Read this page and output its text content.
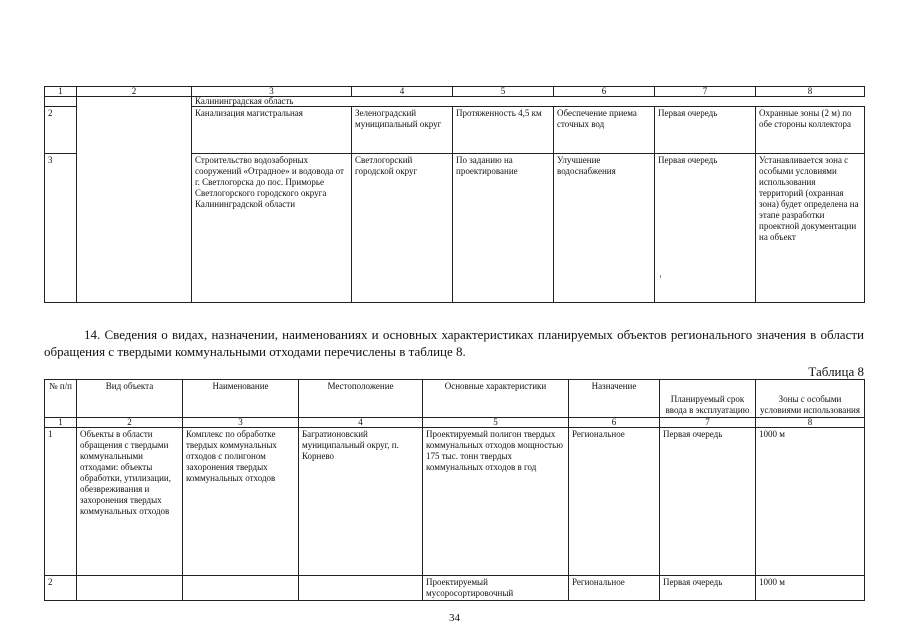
1	2	3	4	5	6	7	8
		Калининградская область					
2		Канализация магистральная	Зеленоградский муниципальный округ	Протяженность 4,5 км	Обеспечение приема сточных вод	Первая очередь	Охранные зоны (2 м) по обе стороны коллектора
3		Строительство водозаборных сооружений «Отрадное» и водовода от г. Светлогорска до пос. Приморье Светлогорского городского округа Калининградской области	Светлогорский городской округ	По заданию на проектирование	Улучшение водоснабжения	Первая очередь	Устанавливается зона с особыми условиями использования территорий (охранная зона) будет определена на этапе разработки проектной документации на объект
14. Сведения о видах, назначении, наименованиях и основных характеристиках планируемых объектов регионального значения в области обращения с твердыми коммунальными отходами перечислены в таблице 8.
Таблица 8
№ п/п	Вид объекта	Наименование	Местоположение	Основные характеристики	Назначение	Планируемый срок ввода в эксплуатацию	Зоны с особыми условиями использования
1	2	3	4	5	6	7	8
1	Объекты в области обращения с твердыми коммунальными отходами: объекты обработки, утилизации, обезвреживания и захоронения твердых коммунальных отходов	Комплекс по обработке твердых коммунальных отходов с полигоном захоронения твердых коммунальных отходов	Багратионовский муниципальный округ, п. Корнево	Проектируемый полигон твердых коммунальных отходов мощностью 175 тыс. тонн твердых коммунальных отходов в год	Региональное	Первая очередь	1000 м
2				Проектируемый мусоросортировочный	Региональное	Первая очередь	1000 м
34
